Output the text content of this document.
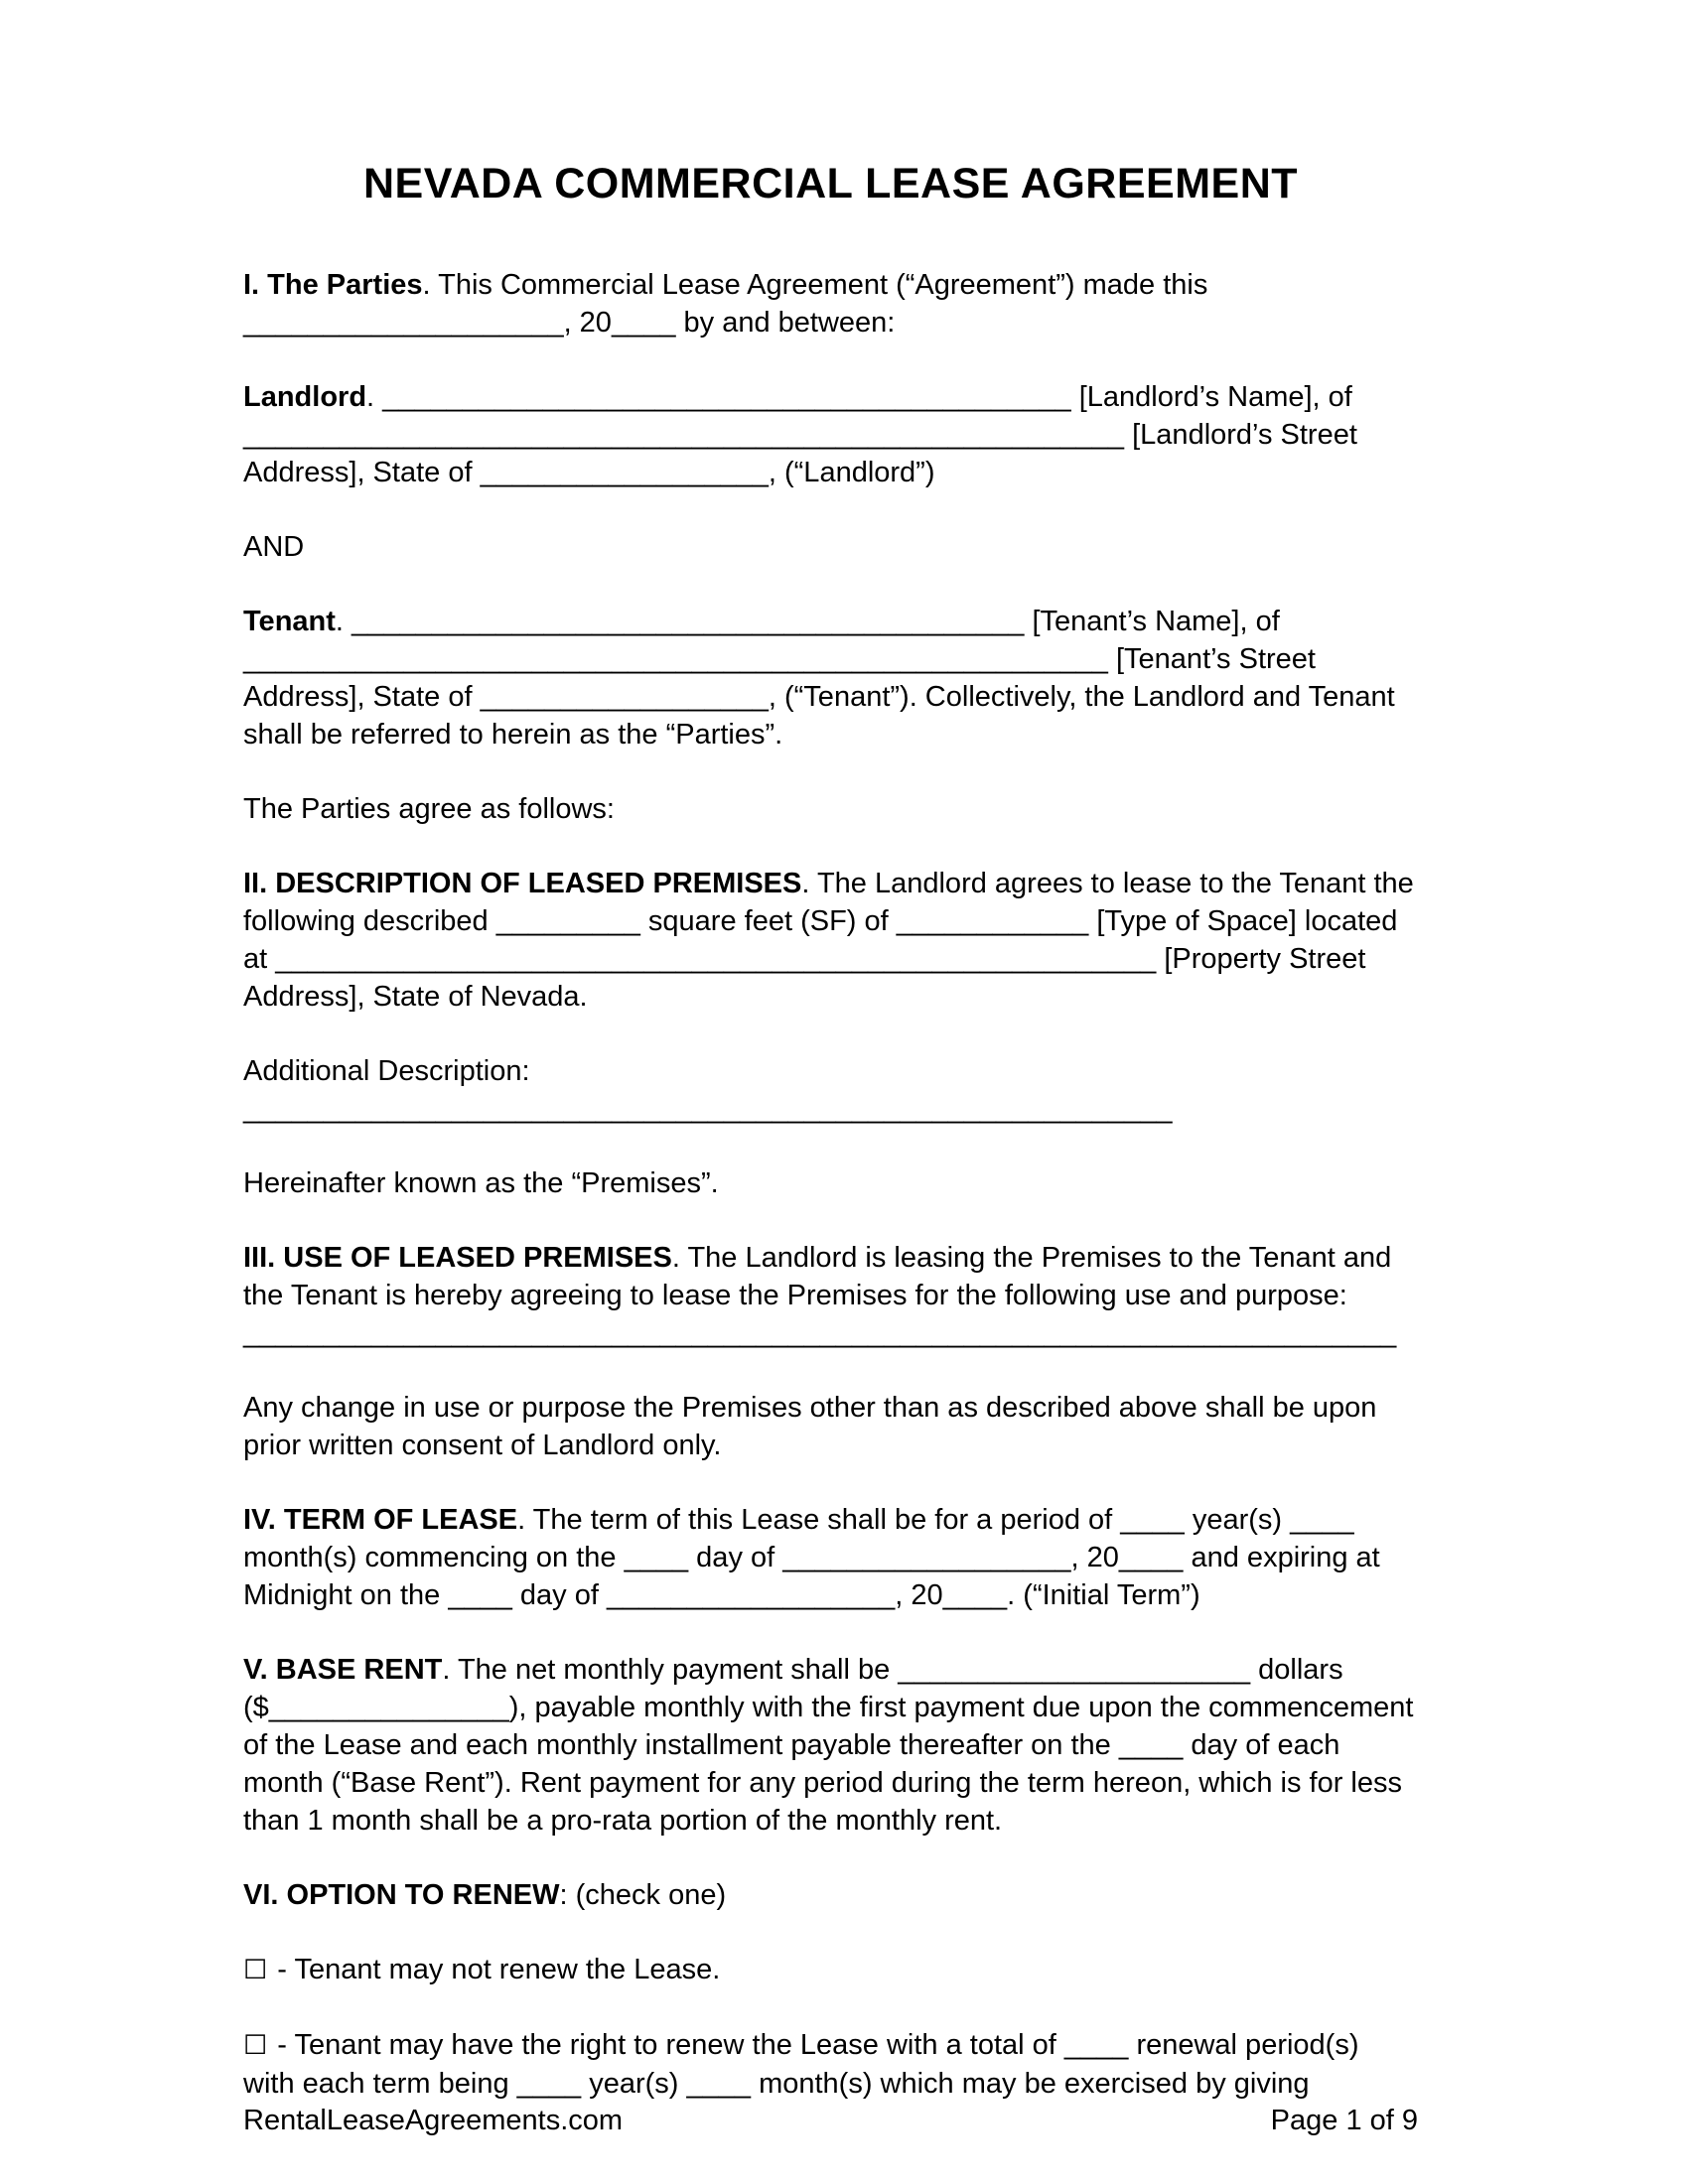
NEVADA COMMERCIAL LEASE AGREEMENT

I. The Parties. This Commercial Lease Agreement (“Agreement”) made this ____________________, 20____ by and between:

Landlord. ___________________________________________ [Landlord’s Name], of _______________________________________________________ [Landlord’s Street Address], State of __________________, (“Landlord”)

AND

Tenant. __________________________________________ [Tenant’s Name], of ______________________________________________________ [Tenant’s Street Address], State of __________________, (“Tenant”). Collectively, the Landlord and Tenant shall be referred to herein as the “Parties”.

The Parties agree as follows:

II. DESCRIPTION OF LEASED PREMISES. The Landlord agrees to lease to the Tenant the following described _________ square feet (SF) of ____________ [Type of Space] located at _______________________________________________________ [Property Street Address], State of Nevada.

Additional Description: __________________________________________________________

Hereinafter known as the “Premises”.

III. USE OF LEASED PREMISES. The Landlord is leasing the Premises to the Tenant and the Tenant is hereby agreeing to lease the Premises for the following use and purpose: ________________________________________________________________________

Any change in use or purpose the Premises other than as described above shall be upon prior written consent of Landlord only.

IV. TERM OF LEASE. The term of this Lease shall be for a period of ____ year(s) ____ month(s) commencing on the ____ day of __________________, 20____ and expiring at Midnight on the ____ day of __________________, 20____. (“Initial Term”)

V. BASE RENT. The net monthly payment shall be ______________________ dollars ($_______________), payable monthly with the first payment due upon the commencement of the Lease and each monthly installment payable thereafter on the ____ day of each month (“Base Rent”). Rent payment for any period during the term hereon, which is for less than 1 month shall be a pro-rata portion of the monthly rent.

VI. OPTION TO RENEW: (check one)

☐ - Tenant may not renew the Lease.

☐ - Tenant may have the right to renew the Lease with a total of ____ renewal period(s) with each term being ____ year(s) ____ month(s) which may be exercised by giving

RentalLeaseAgreements.com	Page 1 of 9
